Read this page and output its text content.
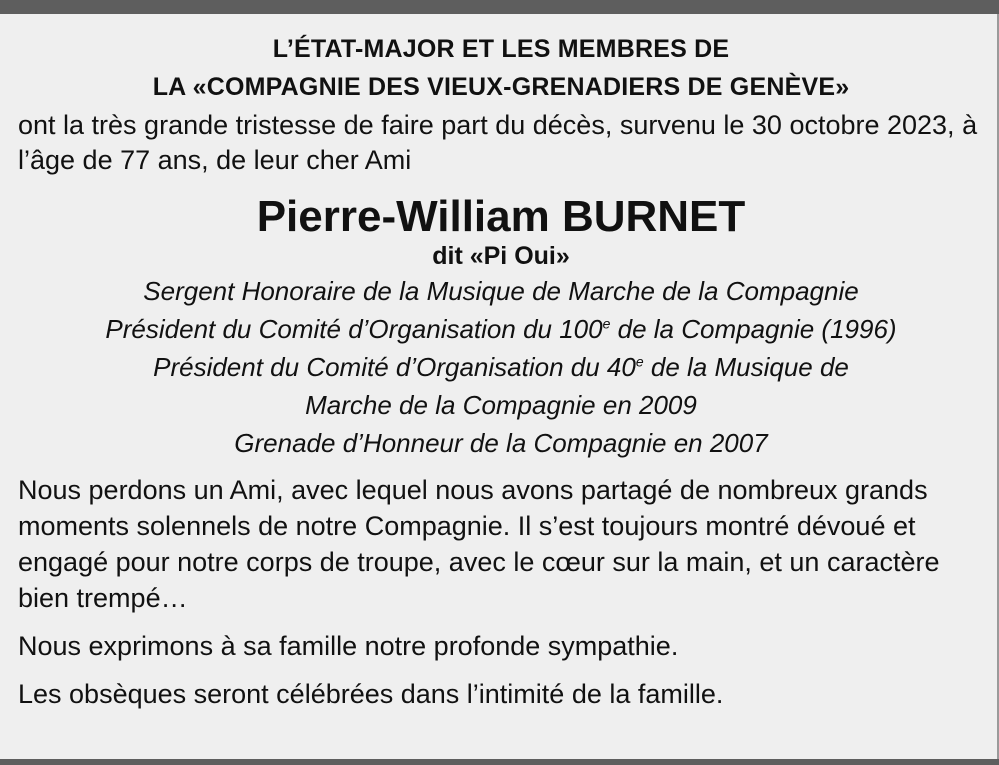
L’ÉTAT-MAJOR ET LES MEMBRES DE
LA «COMPAGNIE DES VIEUX-GRENADIERS DE GENÈVE»

ont la très grande tristesse de faire part du décès, survenu le 30 octobre 2023, à l’âge de 77 ans, de leur cher Ami

Pierre-William BURNET
dit «Pi Oui»
Sergent Honoraire de la Musique de Marche de la Compagnie
Président du Comité d’Organisation du 100e de la Compagnie (1996)
Président du Comité d’Organisation du 40e de la Musique de
Marche de la Compagnie en 2009
Grenade d’Honneur de la Compagnie en 2007

Nous perdons un Ami, avec lequel nous avons partagé de nombreux grands moments solennels de notre Compagnie. Il s’est toujours montré dévoué et engagé pour notre corps de troupe, avec le cœur sur la main, et un caractère bien trempé…

Nous exprimons à sa famille notre profonde sympathie.

Les obsèques seront célébrées dans l’intimité de la famille.
